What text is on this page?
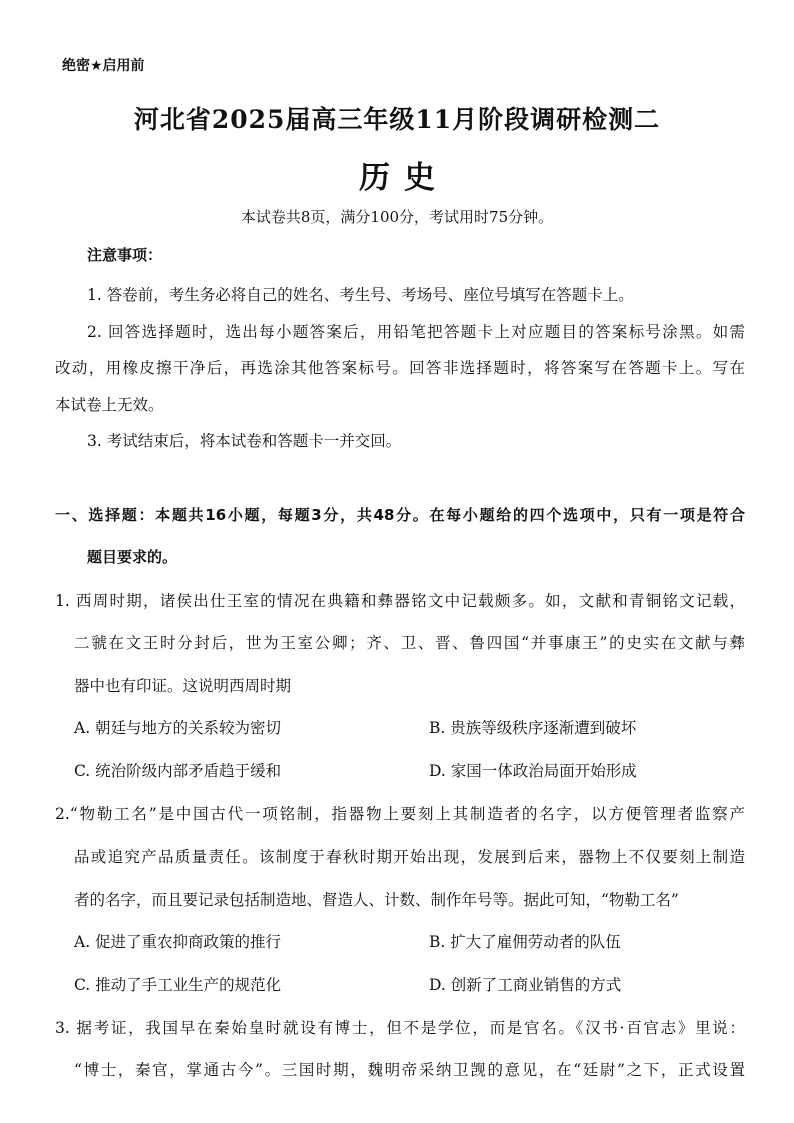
绝密★启用前
河北省2025届高三年级11月阶段调研检测二
历史
本试卷共8页，满分100分，考试用时75分钟。
注意事项：
1. 答卷前，考生务必将自己的姓名、考生号、考场号、座位号填写在答题卡上。
2. 回答选择题时，选出每小题答案后，用铅笔把答题卡上对应题目的答案标号涂黑。如需
改动，用橡皮擦干净后，再选涂其他答案标号。回答非选择题时，将答案写在答题卡上。写在
本试卷上无效。
3. 考试结束后，将本试卷和答题卡一并交回。
一、选择题：本题共16小题，每题3分，共48分。在每小题给的四个选项中，只有一项是符合
题目要求的。
1. 西周时期，诸侯出仕王室的情况在典籍和彝器铭文中记载颇多。如，文献和青铜铭文记载，
二虢在文王时分封后，世为王室公卿；齐、卫、晋、鲁四国“并事康王”的史实在文献与彝
器中也有印证。这说明西周时期
A. 朝廷与地方的关系较为密切	B. 贵族等级秩序逐渐遭到破坏
C. 统治阶级内部矛盾趋于缓和	D. 家国一体政治局面开始形成
2.“物勒工名”是中国古代一项铭制，指器物上要刻上其制造者的名字，以方便管理者监察产
品或追究产品质量责任。该制度于春秋时期开始出现，发展到后来，器物上不仅要刻上制造
者的名字，而且要记录包括制造地、督造人、计数、制作年号等。据此可知，“物勒工名”
A. 促进了重农抑商政策的推行	B. 扩大了雇佣劳动者的队伍
C. 推动了手工业生产的规范化	D. 创新了工商业销售的方式
3. 据考证，我国早在秦始皇时就设有博士，但不是学位，而是官名。《汉书·百官志》里说：
“博士，秦官，掌通古今”。三国时期，魏明帝采纳卫觊的意见，在“廷尉”之下，正式设置
